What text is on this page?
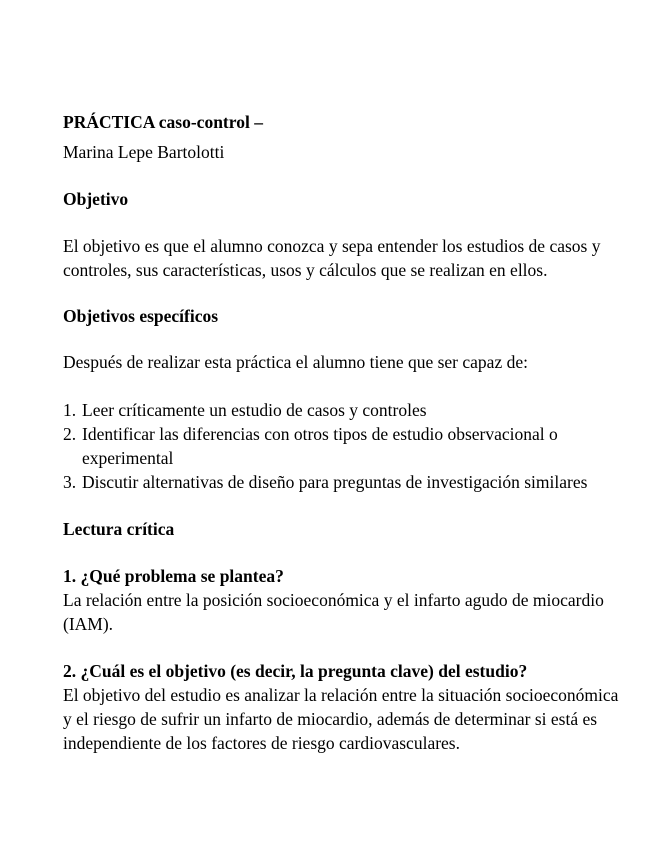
PRÁCTICA caso-control –

Marina Lepe Bartolotti

Objetivo

El objetivo es que el alumno conozca y sepa entender los estudios de casos y controles, sus características, usos y cálculos que se realizan en ellos.

Objetivos específicos

Después de realizar esta práctica el alumno tiene que ser capaz de:

1. Leer críticamente un estudio de casos y controles
2. Identificar las diferencias con otros tipos de estudio observacional o experimental
3. Discutir alternativas de diseño para preguntas de investigación similares

Lectura crítica

1. ¿Qué problema se plantea?

La relación entre la posición socioeconómica y el infarto agudo de miocardio (IAM).

2. ¿Cuál es el objetivo (es decir, la pregunta clave) del estudio?

El objetivo del estudio es analizar la relación entre la situación socioeconómica y el riesgo de sufrir un infarto de miocardio, además de determinar si está es independiente de los factores de riesgo cardiovasculares.
